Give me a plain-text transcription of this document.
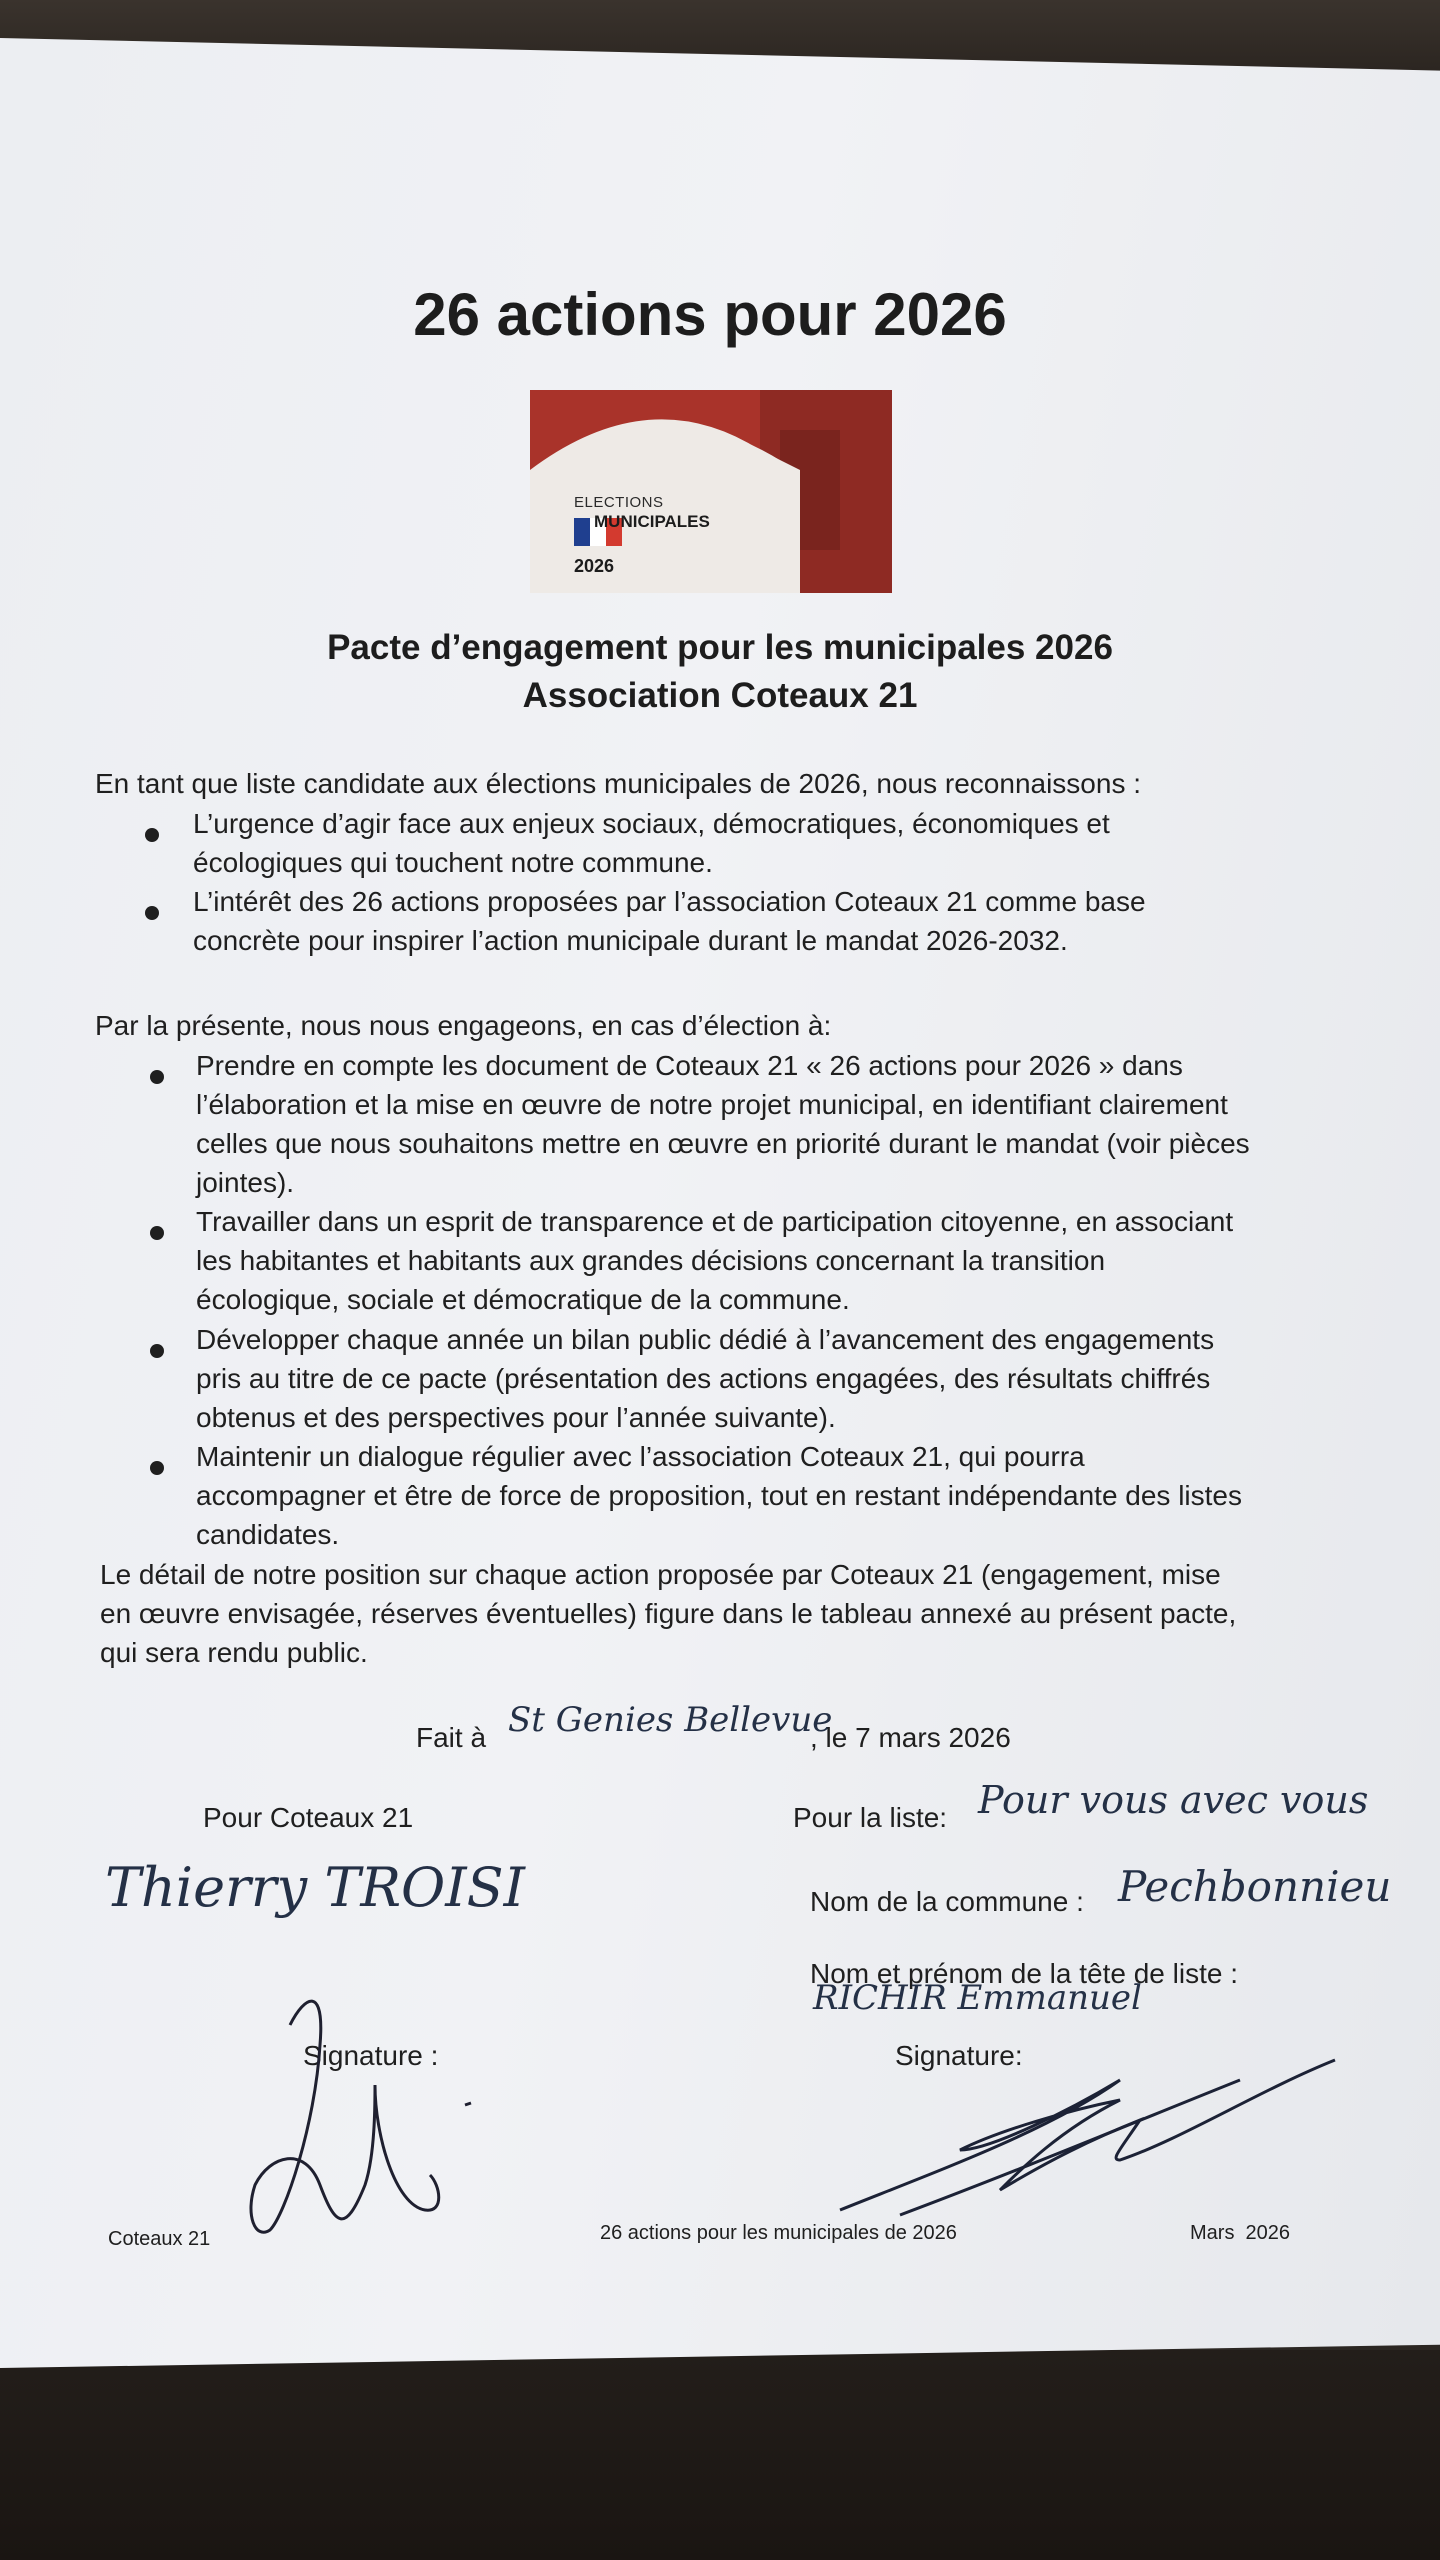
26 actions pour 2026
ELECTIONS
MUNICIPALES
2026
Pacte d’engagement pour les municipales 2026
Association Coteaux 21
En tant que liste candidate aux élections municipales de 2026, nous reconnaissons :
L’urgence d’agir face aux enjeux sociaux, démocratiques, économiques et
écologiques qui touchent notre commune.
L’intérêt des 26 actions proposées par l’association Coteaux 21 comme base
concrète pour inspirer l’action municipale durant le mandat 2026-2032.
Par la présente, nous nous engageons, en cas d’élection à:
Prendre en compte les document de Coteaux 21 « 26 actions pour 2026 » dans
l’élaboration et la mise en œuvre de notre projet municipal, en identifiant clairement
celles que nous souhaitons mettre en œuvre en priorité durant le mandat (voir pièces
jointes).
Travailler dans un esprit de transparence et de participation citoyenne, en associant
les habitantes et habitants aux grandes décisions concernant la transition
écologique, sociale et démocratique de la commune.
Développer chaque année un bilan public dédié à l’avancement des engagements
pris au titre de ce pacte (présentation des actions engagées, des résultats chiffrés
obtenus et des perspectives pour l’année suivante).
Maintenir un dialogue régulier avec l’association Coteaux 21, qui pourra
accompagner et être de force de proposition, tout en restant indépendante des listes
candidates.
Le détail de notre position sur chaque action proposée par Coteaux 21 (engagement, mise
en œuvre envisagée, réserves éventuelles) figure dans le tableau annexé au présent pacte,
qui sera rendu public.
Fait à St Genies Bellevue
, le 7 mars 2026
Pour Coteaux 21
Thierry TROISI
Signature :
Pour la liste: Pour vous avec vous
Nom de la commune : Pechbonnieu
Nom et prénom de la tête de liste :
RICHIR Emmanuel
Signature:
Coteaux 21	26 actions pour les municipales de 2026	Mars  2026
